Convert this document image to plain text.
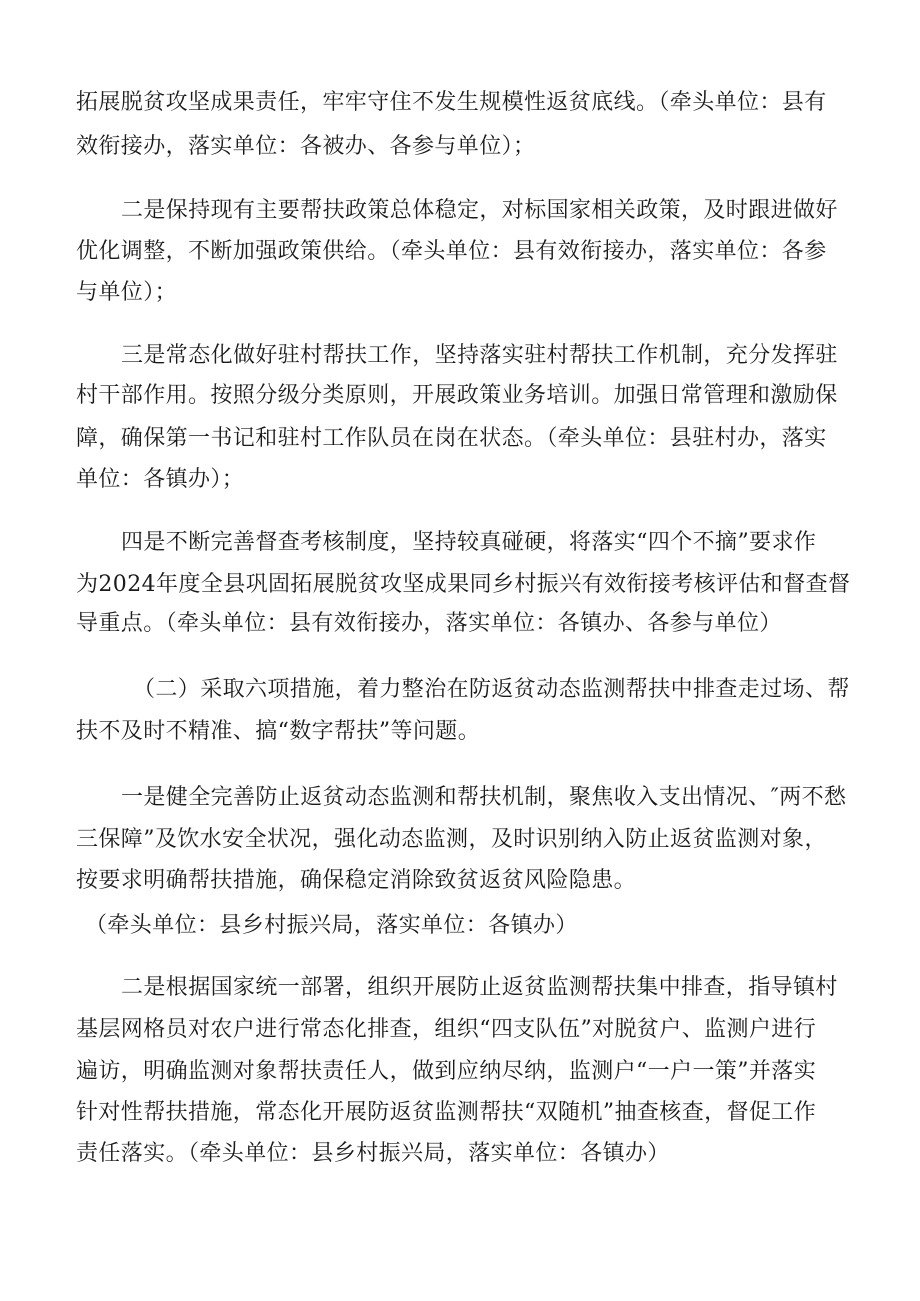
拓展脱贫攻坚成果责任，牢牢守住不发生规模性返贫底线。（牵头单位：县有
效衔接办，落实单位：各被办、各参与单位）；
二是保持现有主要帮扶政策总体稳定，对标国家相关政策，及时跟进做好
优化调整，不断加强政策供给。（牵头单位：县有效衔接办，落实单位：各参
与单位）；
三是常态化做好驻村帮扶工作，坚持落实驻村帮扶工作机制，充分发挥驻
村干部作用。按照分级分类原则，开展政策业务培训。加强日常管理和激励保
障，确保第一书记和驻村工作队员在岗在状态。（牵头单位：县驻村办，落实
单位：各镇办）；
四是不断完善督查考核制度，坚持较真碰硬，将落实“四个不摘”要求作
为2024年度全县巩固拓展脱贫攻坚成果同乡村振兴有效衔接考核评估和督查督
导重点。（牵头单位：县有效衔接办，落实单位：各镇办、各参与单位）
（二）采取六项措施，着力整治在防返贫动态监测帮扶中排查走过场、帮
扶不及时不精准、搞“数字帮扶”等问题。
一是健全完善防止返贫动态监测和帮扶机制，聚焦收入支出情况、″两不愁
三保障”及饮水安全状况，强化动态监测，及时识别纳入防止返贫监测对象，
按要求明确帮扶措施，确保稳定消除致贫返贫风险隐患。
（牵头单位：县乡村振兴局，落实单位：各镇办）
二是根据国家统一部署，组织开展防止返贫监测帮扶集中排查，指导镇村
基层网格员对农户进行常态化排查，组织“四支队伍”对脱贫户、监测户进行
遍访，明确监测对象帮扶责任人，做到应纳尽纳，监测户“一户一策”并落实
针对性帮扶措施，常态化开展防返贫监测帮扶“双随机”抽查核查，督促工作
责任落实。（牵头单位：县乡村振兴局，落实单位：各镇办）
